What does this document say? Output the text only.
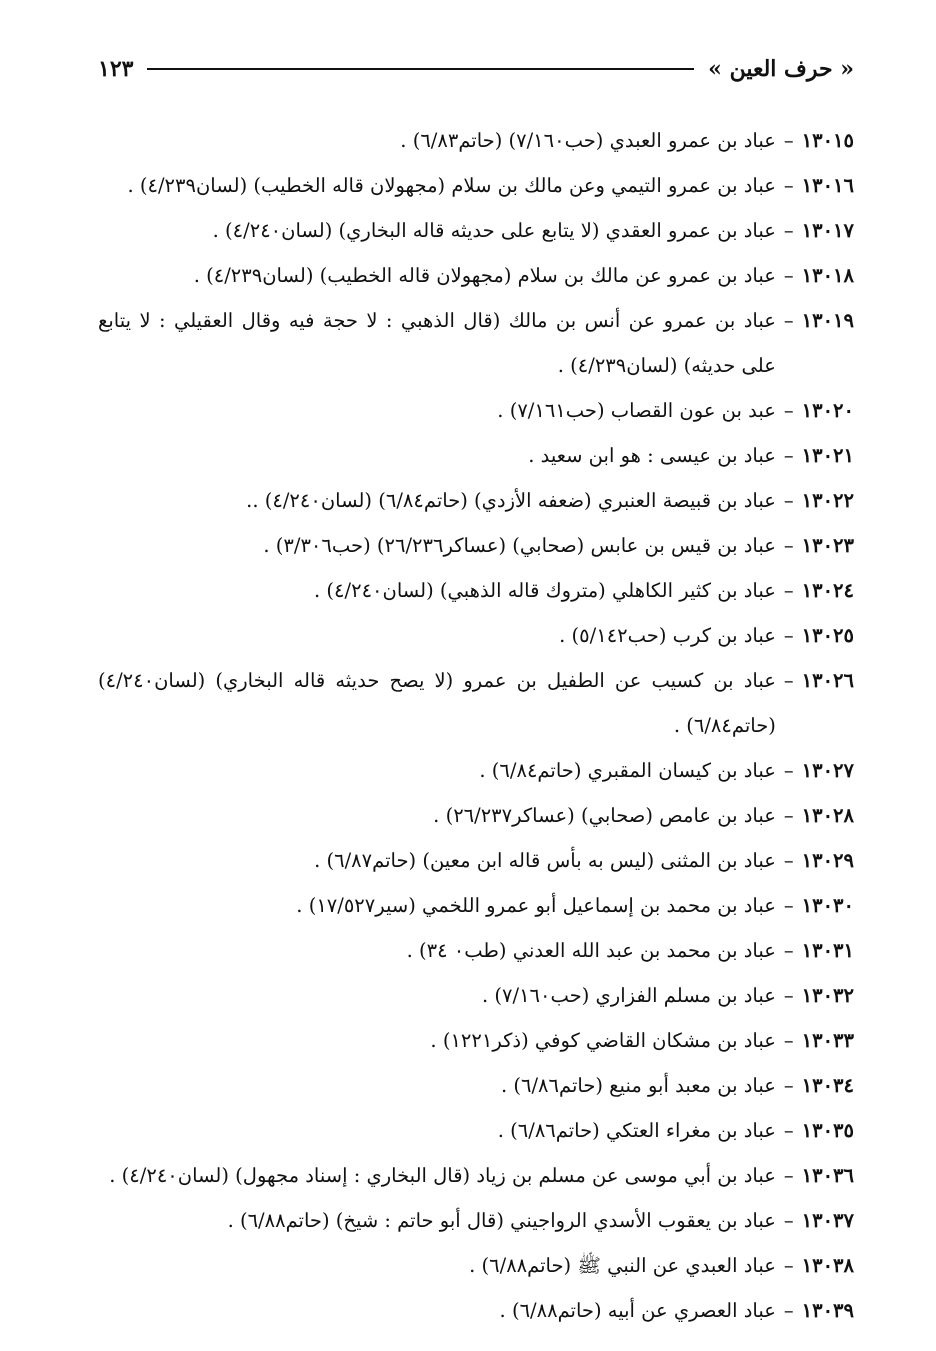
« حرف العين »
١٢٣
١٣٠١٥
–
عباد بن عمرو العبدي (حب٧/١٦٠) (حاتم٦/٨٣) .
١٣٠١٦
–
عباد بن عمرو التيمي وعن مالك بن سلام (مجهولان قاله الخطيب) (لسان٤/٢٣٩) .
١٣٠١٧
–
عباد بن عمرو العقدي (لا يتابع على حديثه قاله البخاري) (لسان٤/٢٤٠) .
١٣٠١٨
–
عباد بن عمرو عن مالك بن سلام (مجهولان قاله الخطيب) (لسان٤/٢٣٩) .
١٣٠١٩
–
عباد بن عمرو عن أنس بن مالك (قال الذهبي : لا حجة فيه وقال العقيلي : لا يتابع على حديثه) (لسان٤/٢٣٩) .
١٣٠٢٠
–
عبد بن عون القصاب (حب٧/١٦١) .
١٣٠٢١
–
عباد بن عيسى : هو ابن سعيد .
١٣٠٢٢
–
عباد بن قبيصة العنبري (ضعفه الأزدي) (حاتم٦/٨٤) (لسان٤/٢٤٠) ..
١٣٠٢٣
–
عباد بن قيس بن عابس (صحابي) (عساكر٢٦/٢٣٦) (حب٣/٣٠٦) .
١٣٠٢٤
–
عباد بن كثير الكاهلي (متروك قاله الذهبي) (لسان٤/٢٤٠) .
١٣٠٢٥
–
عباد بن كرب (حب٥/١٤٢) .
١٣٠٢٦
–
عباد بن كسيب عن الطفيل بن عمرو (لا يصح حديثه قاله البخاري) (لسان٤/٢٤٠) (حاتم٦/٨٤) .
١٣٠٢٧
–
عباد بن كيسان المقبري (حاتم٦/٨٤) .
١٣٠٢٨
–
عباد بن عامص (صحابي) (عساكر٢٦/٢٣٧) .
١٣٠٢٩
–
عباد بن المثنى (ليس به بأس قاله ابن معين) (حاتم٦/٨٧) .
١٣٠٣٠
–
عباد بن محمد بن إسماعيل أبو عمرو اللخمي (سير١٧/٥٢٧) .
١٣٠٣١
–
عباد بن محمد بن عبد الله العدني (طب٠ ٣٤) .
١٣٠٣٢
–
عباد بن مسلم الفزاري (حب٧/١٦٠) .
١٣٠٣٣
–
عباد بن مشكان القاضي كوفي (ذكر١٢٢١) .
١٣٠٣٤
–
عباد بن معبد أبو منيع (حاتم٦/٨٦) .
١٣٠٣٥
–
عباد بن مغراء العتكي (حاتم٦/٨٦) .
١٣٠٣٦
–
عباد بن أبي موسى عن مسلم بن زياد (قال البخاري : إسناد مجهول) (لسان٤/٢٤٠) .
١٣٠٣٧
–
عباد بن يعقوب الأسدي الرواجيني (قال أبو حاتم : شيخ) (حاتم٦/٨٨) .
١٣٠٣٨
–
عباد العبدي عن النبي ﷺ (حاتم٦/٨٨) .
١٣٠٣٩
–
عباد العصري عن أبيه (حاتم٦/٨٨) .
